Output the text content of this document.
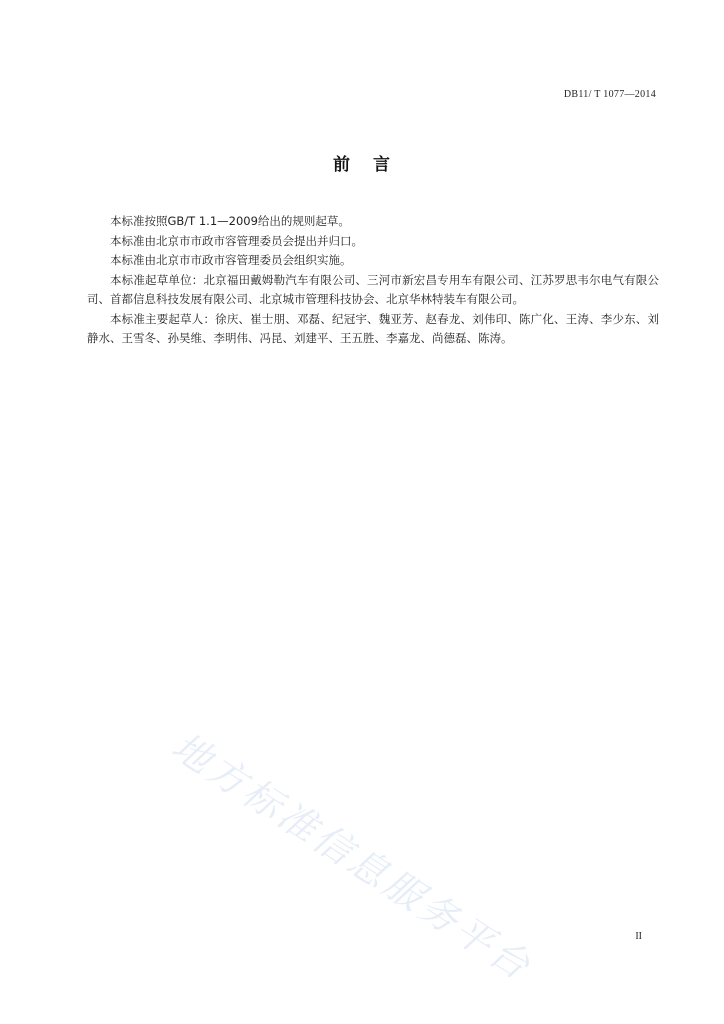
DB11/ T 1077—2014
前 言

本标准按照GB/T 1.1—2009给出的规则起草。

本标准由北京市市政市容管理委员会提出并归口。

本标准由北京市市政市容管理委员会组织实施。

本标准起草单位：北京福田戴姆勒汽车有限公司、三河市新宏昌专用车有限公司、江苏罗思韦尔电气有限公司、首都信息科技发展有限公司、北京城市管理科技协会、北京华林特装车有限公司。

本标准主要起草人：徐庆、崔士朋、邓磊、纪冠宇、魏亚芳、赵春龙、刘伟印、陈广化、王涛、李少东、刘静水、王雪冬、孙昊维、李明伟、冯昆、刘建平、王五胜、李嘉龙、尚德磊、陈涛。

地方标准信息服务平台	II
